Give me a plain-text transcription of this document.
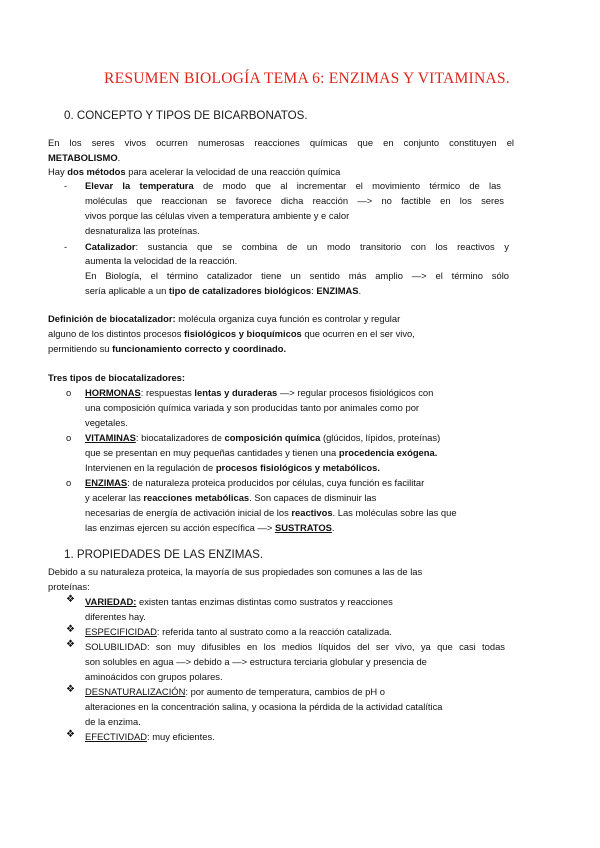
RESUMEN BIOLOGÍA TEMA 6: ENZIMAS Y VITAMINAS.
0. CONCEPTO Y TIPOS DE BICARBONATOS.
En los seres vivos ocurren numerosas reacciones químicas que en conjunto constituyen el
METABOLISMO.
Hay dos métodos para acelerar la velocidad de una reacción química
- Elevar la temperatura de modo que al incrementar el movimiento térmico de las
moléculas que reaccionan se favorece dicha reacción —> no factible en los seres
vivos porque las células viven a temperatura ambiente y e calor
desnaturaliza las proteínas.
- Catalizador: sustancia que se combina de un modo transitorio con los reactivos y
aumenta la velocidad de la reacción.
En Biología, el término catalizador tiene un sentido más amplio —> el término sólo
sería aplicable a un tipo de catalizadores biológicos: ENZIMAS.
Definición de biocatalizador: molécula organiza cuya función es controlar y regular
alguno de los distintos procesos fisiológicos y bioquímicos que ocurren en el ser vivo,
permitiendo su funcionamiento correcto y coordinado.
Tres tipos de biocatalizadores:
o HORMONAS: respuestas lentas y duraderas —> regular procesos fisiológicos con
una composición química variada y son producidas tanto por animales como por
vegetales.
o VITAMINAS: biocatalizadores de composición química (glúcidos, lípidos, proteínas)
que se presentan en muy pequeñas cantidades y tienen una procedencia exógena.
Intervienen en la regulación de procesos fisiológicos y metabólicos.
o ENZIMAS: de naturaleza proteica producidos por células, cuya función es facilitar
y acelerar las reacciones metabólicas. Son capaces de disminuir las
necesarias de energía de activación inicial de los reactivos. Las moléculas sobre las que
las enzimas ejercen su acción específica —> SUSTRATOS.
1. PROPIEDADES DE LAS ENZIMAS.
Debido a su naturaleza proteica, la mayoría de sus propiedades son comunes a las de las
proteínas:
❖ VARIEDAD: existen tantas enzimas distintas como sustratos y reacciones
diferentes hay.
❖ ESPECIFICIDAD: referida tanto al sustrato como a la reacción catalizada.
❖ SOLUBILIDAD: son muy difusibles en los medios líquidos del ser vivo, ya que casi todas
son solubles en agua —> debido a —> estructura terciaria globular y presencia de
aminoácidos con grupos polares.
❖ DESNATURALIZACIÓN: por aumento de temperatura, cambios de pH o
alteraciones en la concentración salina, y ocasiona la pérdida de la actividad catalítica
de la enzima.
❖ EFECTIVIDAD: muy eficientes.
